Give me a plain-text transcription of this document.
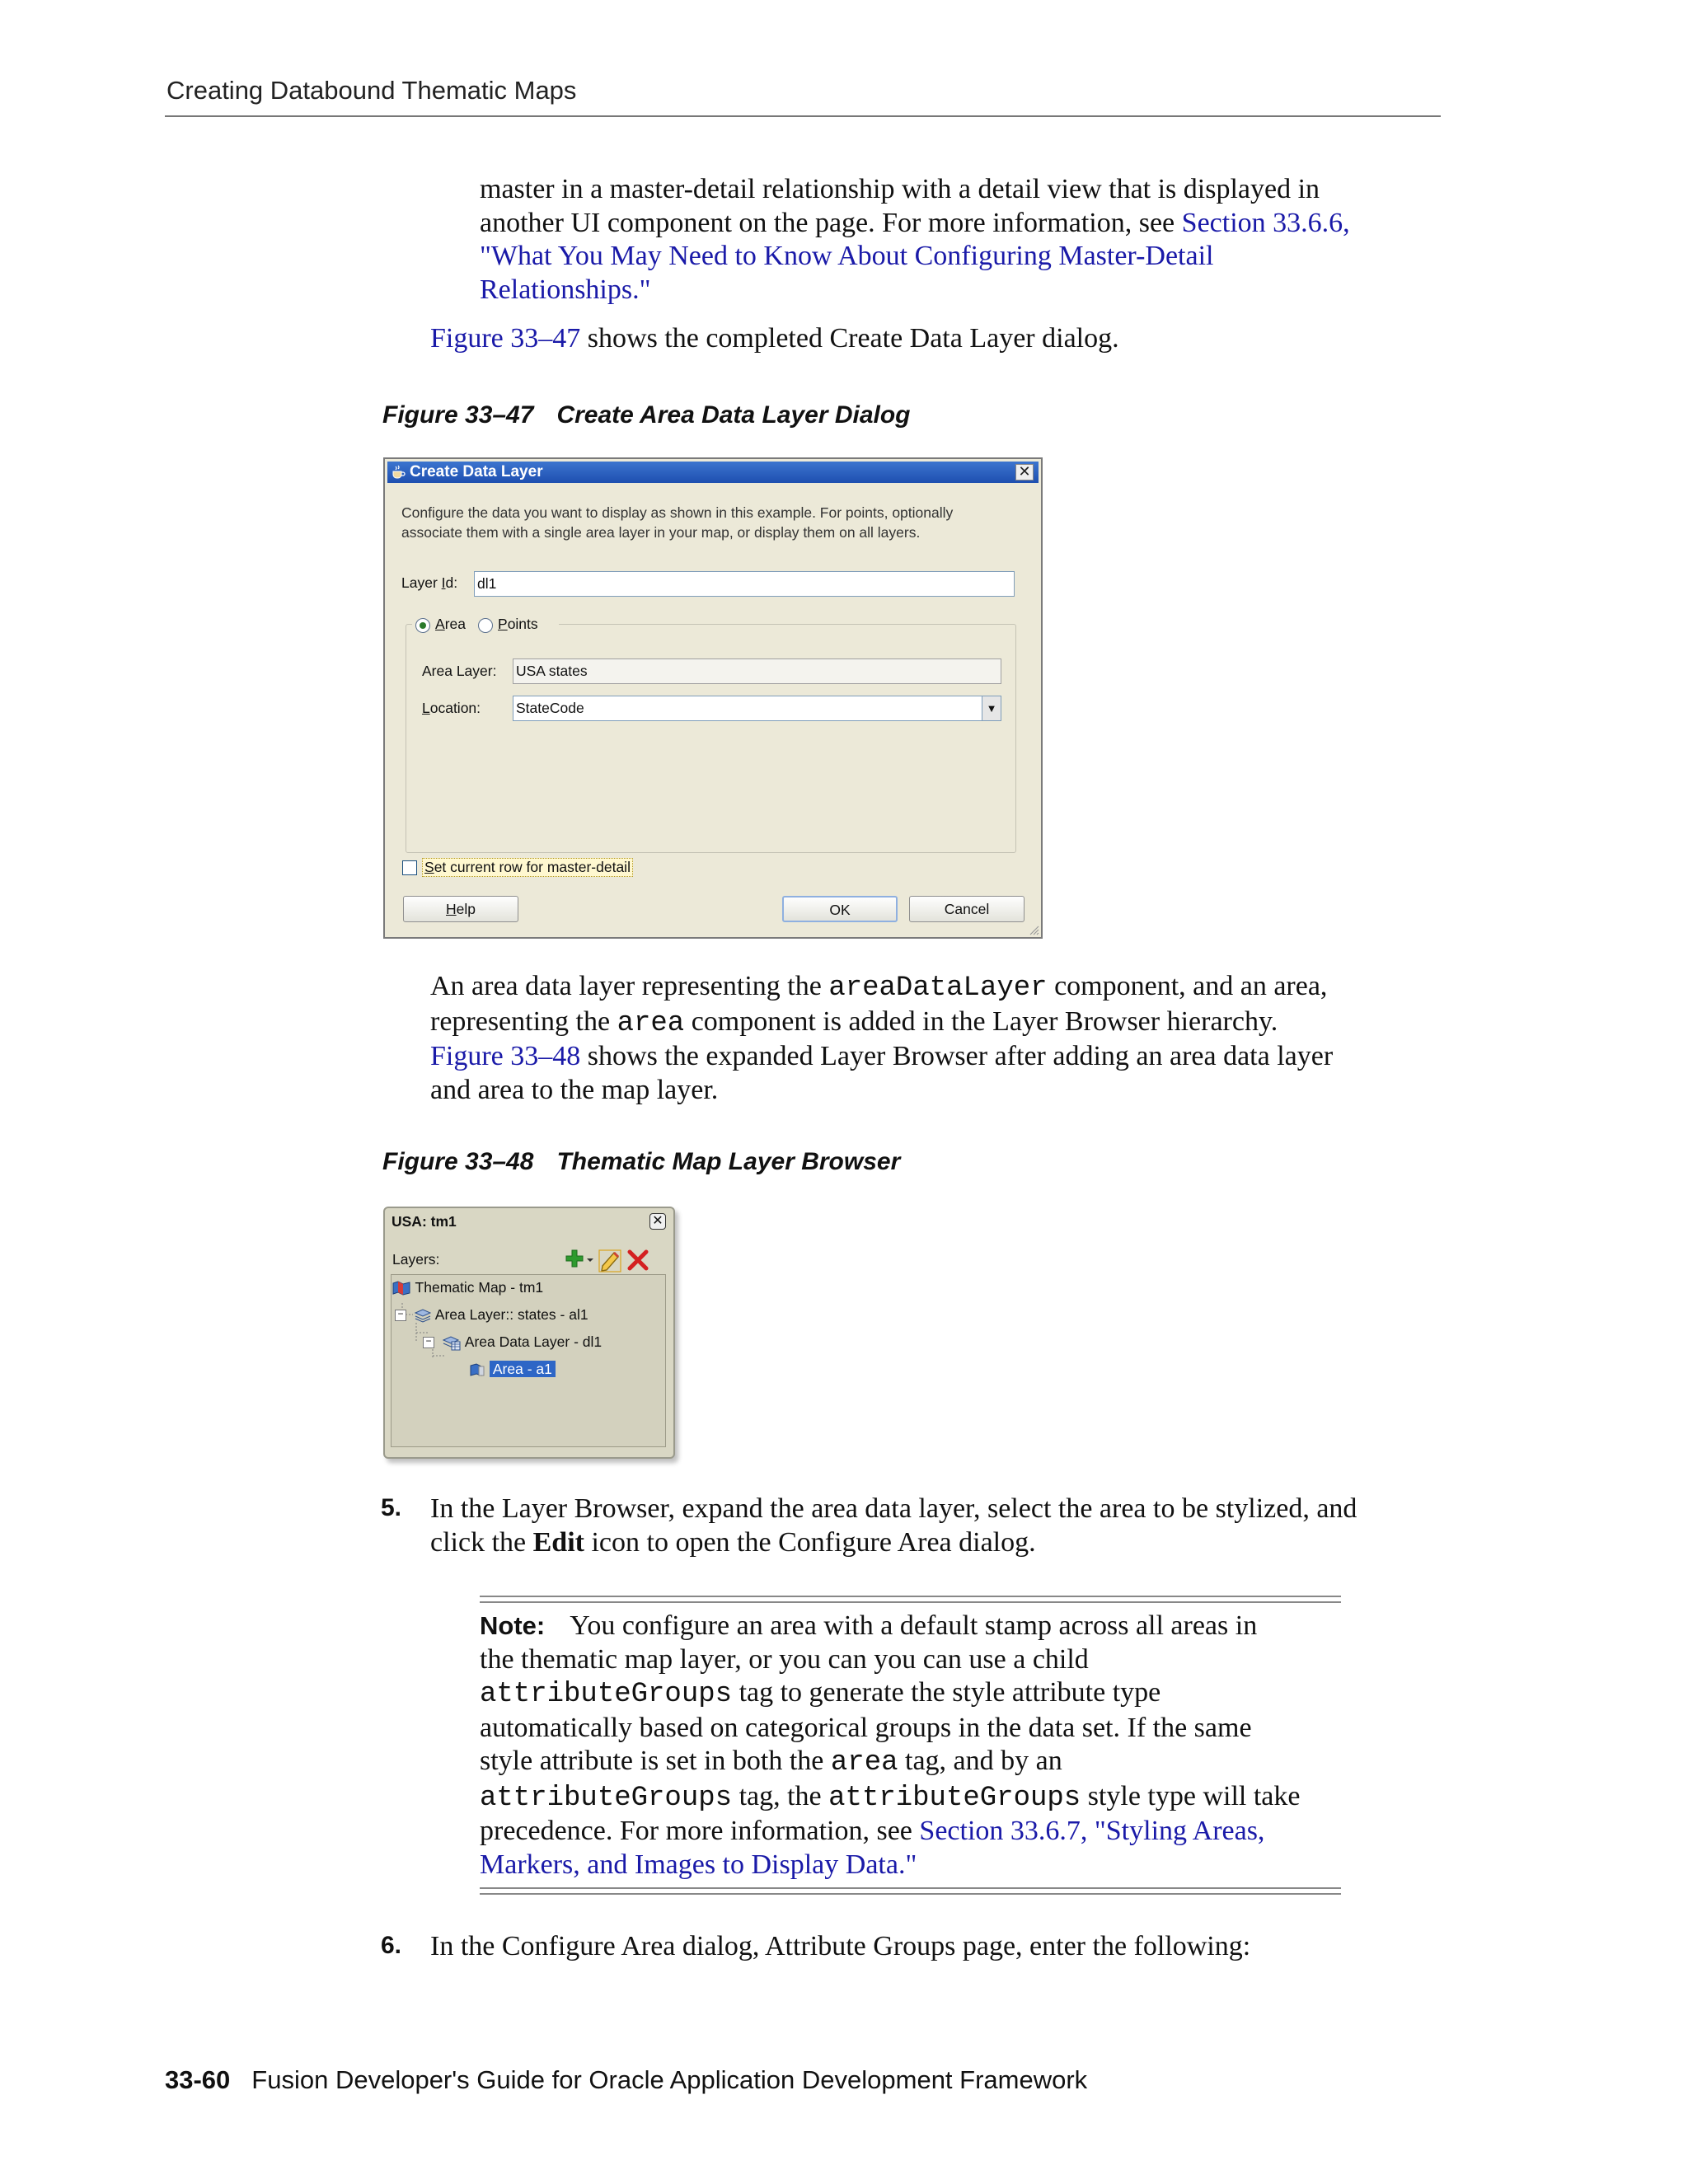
Creating Databound Thematic Maps

master in a master-detail relationship with a detail view that is displayed in

another UI component on the page. For more information, see Section 33.6.6,

"What You May Need to Know About Configuring Master-Detail

Relationships."

Figure 33–47 shows the completed Create Data Layer dialog.
Figure 33–47 Create Area Data Layer Dialog
Create Data Layer	✕
Configure the data you want to display as shown in this example. For points, optionally
associate them with a single area layer in your map, or display them on all layers.
Layer Id: dl1
Area Points
Area Layer: USA states
Location: StateCode	▼
Set current row for master-detail
Help	OK	Cancel

An area data layer representing the areaDataLayer component, and an area,

representing the area component is added in the Layer Browser hierarchy.

Figure 33–48 shows the expanded Layer Browser after adding an area data layer

and area to the map layer.

Figure 33–48 Thematic Map Layer Browser
USA: tm1	✕
Layers:
Thematic Map - tm1
− Area Layer:: states - al1
− Area Data Layer - dl1
Area - a1
5. In the Layer Browser, expand the area data layer, select the area to be stylized, and

click the Edit icon to open the Configure Area dialog.

Note: You configure an area with a default stamp across all areas in

the thematic map layer, or you can you can use a child

attributeGroups tag to generate the style attribute type

automatically based on categorical groups in the data set. If the same

style attribute is set in both the area tag, and by an

attributeGroups tag, the attributeGroups style type will take

precedence. For more information, see Section 33.6.7, "Styling Areas,

Markers, and Images to Display Data."

6. In the Configure Area dialog, Attribute Groups page, enter the following:
33-60 Fusion Developer's Guide for Oracle Application Development Framework
